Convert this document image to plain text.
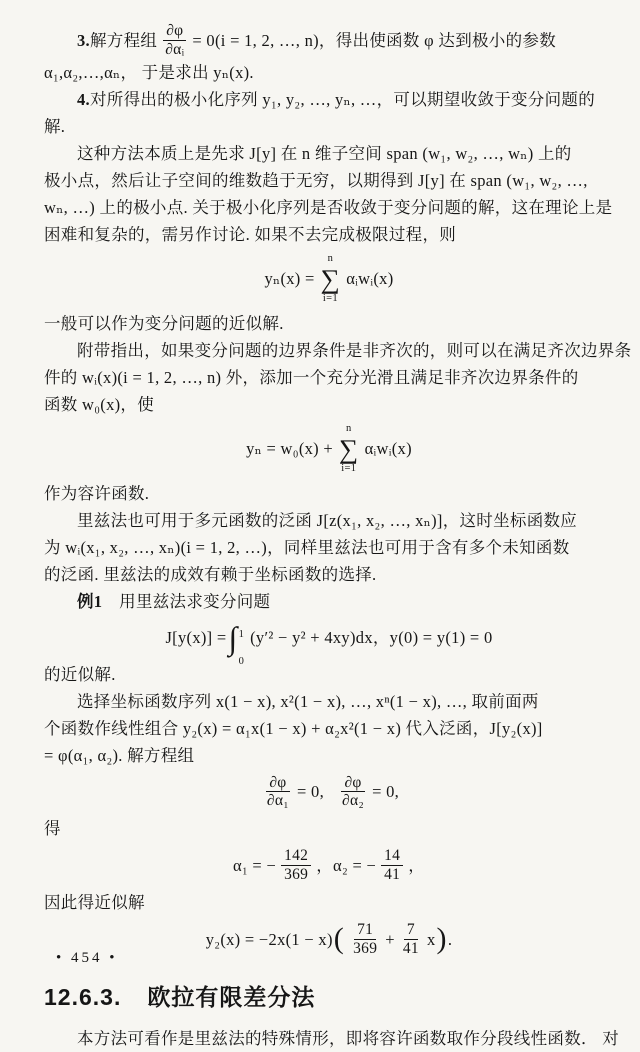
3. 解方程组 $\frac{\partial\varphi}{\text{∂αᵢ}} = 0(i = 1$, 2, …, n)，得出使函数 φ 达到极小的参数
α₁,α₂,…,αₙ， 于是求出 yₙ(x).
4.对所得出的极小化序列 y₁, y₂, …, yₙ, …，可以期望收敛于变分问题的
解.
这种方法本质上是先求 J[y] 在 n 维子空间 span (w₁, w₂, …, wₙ) 上的
极小点，然后让子空间的维数趋于无穷，以期得到 J[y] 在 span (w₁, w₂, …,
wₙ, …) 上的极小点. 关于极小化序列是否收敛于变分问题的解，这在理论上是
困难和复杂的，需另作讨论. 如果不去完成极限过程，则
yₙ(x) =
n
∑
i=1
αᵢwᵢ(x)
一般可以作为变分问题的近似解.
附带指出，如果变分问题的边界条件是非齐次的，则可以在满足齐次边界条
件的 wᵢ(x)(i = 1, 2, …, n) 外，添加一个充分光滑且满足非齐次边界条件的
函数 w₀(x)，使
yₙ = w₀(x) +
n
∑
i=1
αᵢwᵢ(x)
作为容许函数.
里兹法也可用于多元函数的泛函 J[z(x₁, x₂, …, xₙ)]，这时坐标函数应
为 wᵢ(x₁, x₂, …, xₙ)(i = 1, 2, …)，同样里兹法也可用于含有多个未知函数
的泛函. 里兹法的成效有赖于坐标函数的选择.
例1　用里兹法求变分问题
J[y(x)] = ∫ 1
0
(y′² − y² + 4xy)dx，y(0) = y(1) = 0
的近似解.
选择坐标函数序列 x(1 − x), x²(1 − x), …, xⁿ(1 − x), …, 取前面两
个函数作线性组合 y₂(x) = α₁x(1 − x) + α₂x²(1 − x) 代入泛函，J[y₂(x)]
= φ(α₁, α₂). 解方程组
$\frac{\partial\varphi}{\text{∂α₁}} = 0$, $\frac{\partial\varphi}{\text{∂α₂}} = 0$,
得
α₁ = − $\frac{142}{369}$ ，α₂ = − $\frac{14}{41}$ ，
因此得近似解
y₂(x) = −2x(1 − x) ( $\frac{71}{369} + \frac{7}{41}$ x ) .
12.6.3. 欧拉有限差分法
本方法可看作是里兹法的特殊情形，即将容许函数取作分段线性函数． 对
• 454 •
